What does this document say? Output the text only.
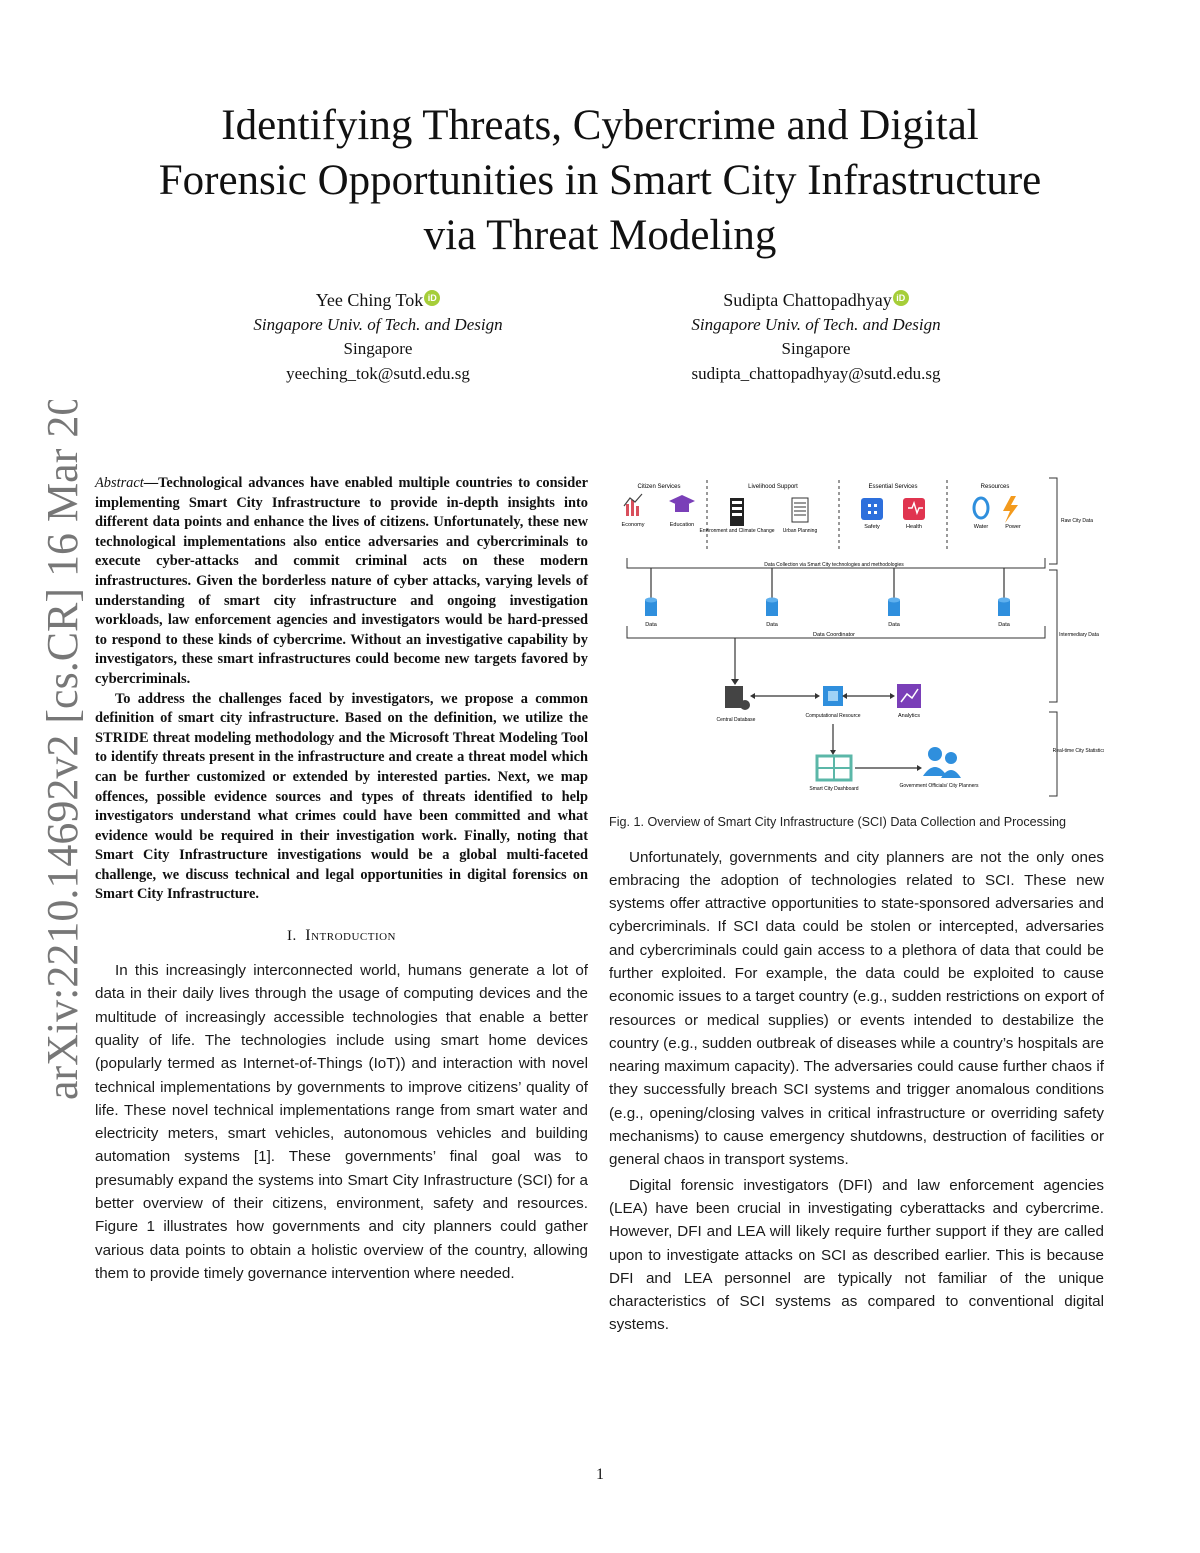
arXiv:2210.14692v2 [cs.CR] 16 Mar 2023
Identifying Threats, Cybercrime and Digital
Forensic Opportunities in Smart City Infrastructure
via Threat Modeling
Yee Ching Tok iD
Singapore Univ. of Tech. and Design
Singapore
yeeching_tok@sutd.edu.sg
Sudipta Chattopadhyay iD
Singapore Univ. of Tech. and Design
Singapore
sudipta_chattopadhyay@sutd.edu.sg

Abstract—Technological advances have enabled multiple countries to consider implementing Smart City Infrastructure to provide in-depth insights into different data points and enhance the lives of citizens. Unfortunately, these new technological implementations also entice adversaries and cybercriminals to execute cyber-attacks and commit criminal acts on these modern infrastructures. Given the borderless nature of cyber attacks, varying levels of understanding of smart city infrastructure and ongoing investigation workloads, law enforcement agencies and investigators would be hard-pressed to respond to these kinds of cybercrime. Without an investigative capability by investigators, these smart infrastructures could become new targets favored by cybercriminals.

To address the challenges faced by investigators, we propose a common definition of smart city infrastructure. Based on the definition, we utilize the STRIDE threat modeling methodology and the Microsoft Threat Modeling Tool to identify threats present in the infrastructure and create a threat model which can be further customized or extended by interested parties. Next, we map offences, possible evidence sources and types of threats identified to help investigators understand what crimes could have been committed and what evidence would be required in their investigation work. Finally, noting that Smart City Infrastructure investigations would be a global multi-faceted challenge, we discuss technical and legal opportunities in digital forensics on Smart City Infrastructure.

I. Introduction

In this increasingly interconnected world, humans generate a lot of data in their daily lives through the usage of computing devices and the multitude of increasingly accessible technologies that enable a better quality of life. The technologies include using smart home devices (popularly termed as Internet-of-Things (IoT)) and interaction with novel technical implementations by governments to improve citizens’ quality of life. These novel technical implementations range from smart water and electricity meters, smart vehicles, autonomous vehicles and building automation systems [1]. These governments’ final goal was to presumably expand the systems into Smart City Infrastructure (SCI) for a better overview of their citizens, environment, safety and resources. Figure 1 illustrates how governments and city planners could gather various data points to obtain a holistic overview of the country, allowing them to provide timely governance intervention where needed.

Citizen Services	Livelihood Support	Essential Services	Resources
Economy	Education
Environment and Climate Change Urban Planning
Safety	Health	Water	Power
Data Collection via Smart City technologies and methodologies
Data	Data	Data	Data
Data Coordinator
Central Database
Computational Resource	Analytics
Smart City Dashboard	Government Officials/ City Planners
Raw City Data
Intermediary Data
Real-time City Statistics
Fig. 1. Overview of Smart City Infrastructure (SCI) Data Collection and Processing

Unfortunately, governments and city planners are not the only ones embracing the adoption of technologies related to SCI. These new systems offer attractive opportunities to state-sponsored adversaries and cybercriminals. If SCI data could be stolen or intercepted, adversaries and cybercriminals could gain access to a plethora of data that could be further exploited. For example, the data could be exploited to cause economic issues to a target country (e.g., sudden restrictions on export of resources or medical supplies) or events intended to destabilize the country (e.g., sudden outbreak of diseases while a country’s hospitals are nearing maximum capacity). The adversaries could cause further chaos if they successfully breach SCI systems and trigger anomalous conditions (e.g., opening/closing valves in critical infrastructure or overriding safety mechanisms) to cause emergency shutdowns, destruction of facilities or general chaos in transport systems.

Digital forensic investigators (DFI) and law enforcement agencies (LEA) have been crucial in investigating cyberattacks and cybercrime. However, DFI and LEA will likely require further support if they are called upon to investigate attacks on SCI as described earlier. This is because DFI and LEA personnel are typically not familiar of the unique characteristics of SCI systems as compared to conventional digital systems.

1
